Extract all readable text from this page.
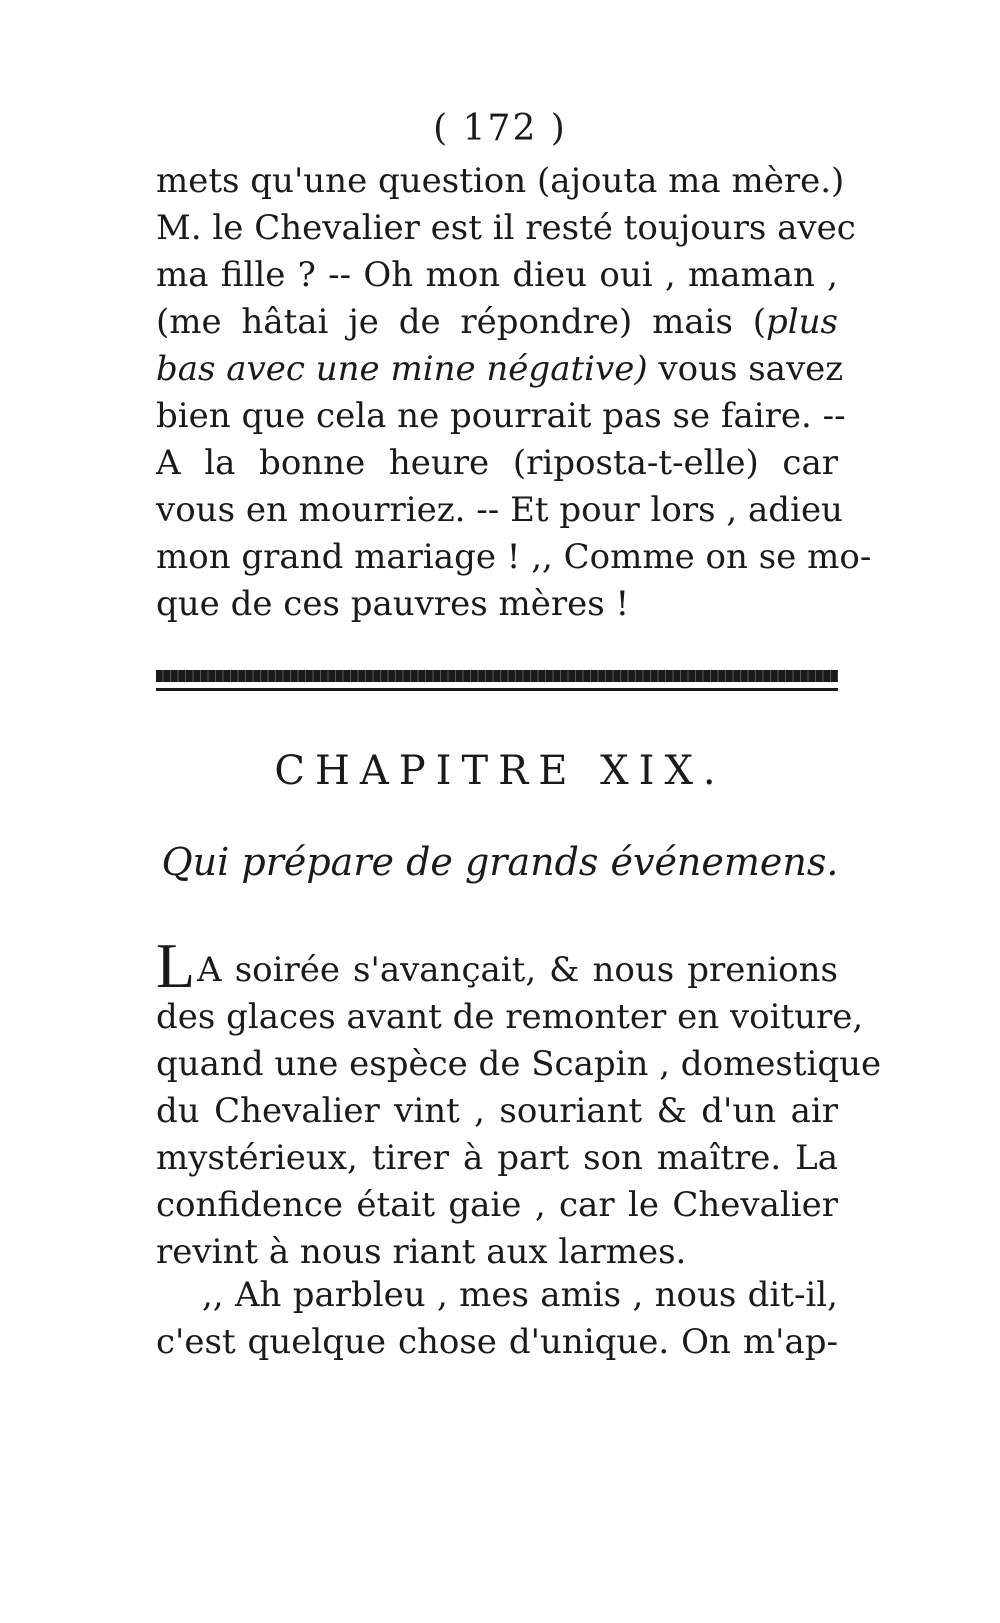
( 172 )
mets qu'une question (ajouta ma mère.)
M. le Chevalier est il resté toujours avec
ma fille ? -- Oh mon dieu oui , maman ,
(me hâtai je de répondre) mais (plus
bas avec une mine négative) vous savez
bien que cela ne pourrait pas se faire. --
A la bonne heure (riposta-t-elle) car
vous en mourriez. -- Et pour lors , adieu
mon grand mariage ! ,, Comme on se mo-
que de ces pauvres mères !
CHAPITRE XIX.
Qui prépare de grands événemens.
LA soirée s'avançait, & nous prenions
des glaces avant de remonter en voiture,
quand une espèce de Scapin , domestique
du Chevalier vint , souriant & d'un air
mystérieux, tirer à part son maître. La
confidence était gaie , car le Chevalier
revint à nous riant aux larmes.
,, Ah parbleu , mes amis , nous dit-il,
c'est quelque chose d'unique. On m'ap-
